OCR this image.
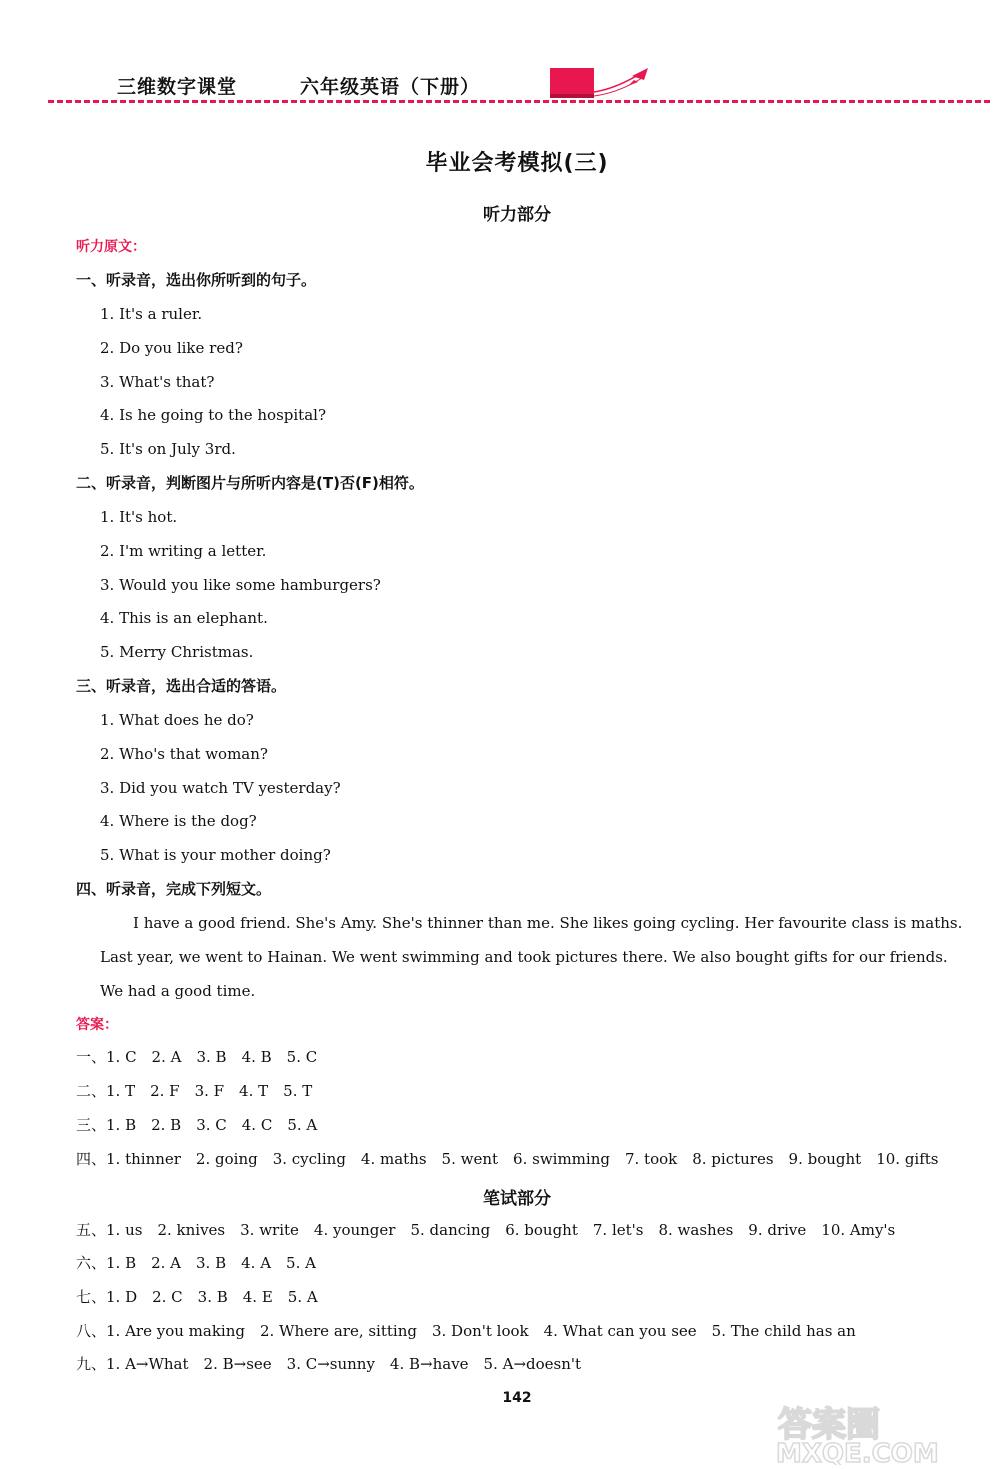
三维数字课堂	六年级英语（下册）
毕业会考模拟(三)
听力部分
听力原文：
一、听录音，选出你所听到的句子。
1. It's a ruler.
2. Do you like red?
3. What's that?
4. Is he going to the hospital?
5. It's on July 3rd.
二、听录音，判断图片与所听内容是(T)否(F)相符。
1. It's hot.
2. I'm writing a letter.
3. Would you like some hamburgers?
4. This is an elephant.
5. Merry Christmas.
三、听录音，选出合适的答语。
1. What does he do?
2. Who's that woman?
3. Did you watch TV yesterday?
4. Where is the dog?
5. What is your mother doing?
四、听录音，完成下列短文。
I have a good friend. She's Amy. She's thinner than me. She likes going cycling. Her favourite class is maths. Last year, we went to Hainan. We went swimming and took pictures there. We also bought gifts for our friends. We had a good time.
答案：
一、1. C　2. A　3. B　4. B　5. C
二、1. T　2. F　3. F　4. T　5. T
三、1. B　2. B　3. C　4. C　5. A
四、1. thinner　2. going　3. cycling　4. maths　5. went　6. swimming　7. took　8. pictures　9. bought　10. gifts
笔试部分
五、1. us　2. knives　3. write　4. younger　5. dancing　6. bought　7. let's　8. washes　9. drive　10. Amy's
六、1. B　2. A　3. B　4. A　5. A
七、1. D　2. C　3. B　4. E　5. A
八、1. Are you making　2. Where are, sitting　3. Don't look　4. What can you see　5. The child has an
九、1. A→What　2. B→see　3. C→sunny　4. B→have　5. A→doesn't
142
答案圈
MXQE.COM
